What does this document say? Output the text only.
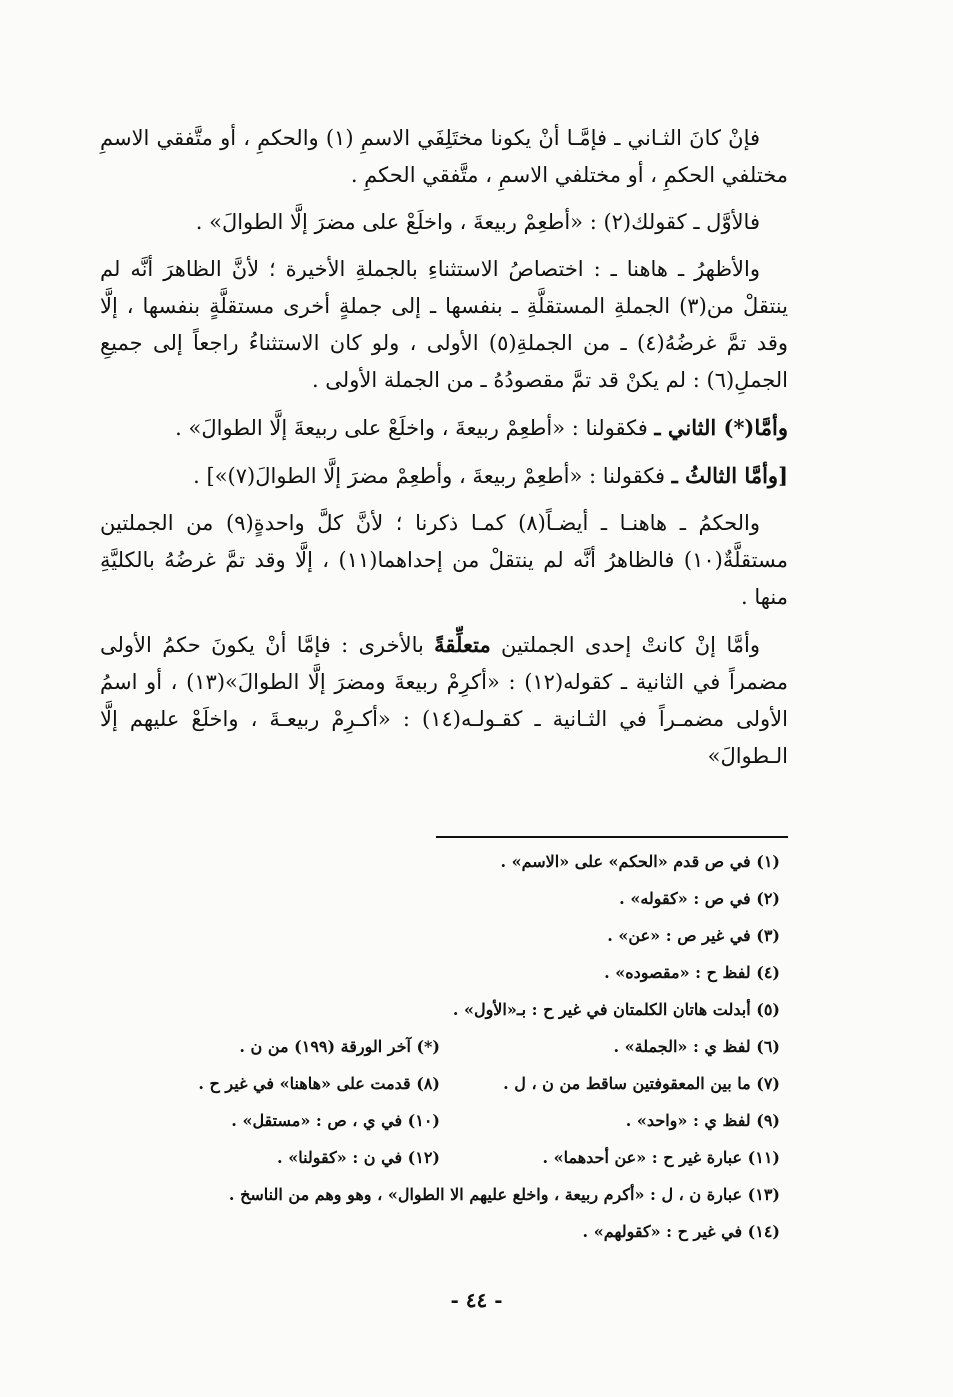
فإنْ كانَ الثـاني ـ فإمَّـا أنْ يكونا مختَلِفَي الاسمِ (١) والحكمِ ، أو متَّفقي الاسمِ مختلفي الحكمِ ، أو مختلفي الاسمِ ، متَّفقي الحكمِ .

فالأوَّل ـ كقولك(٢) : «أطعِمْ ربيعةَ ، واخلَعْ على مضرَ إلَّا الطوالَ» .

والأظهرُ ـ هاهنا ـ : اختصاصُ الاستثناءِ بالجملةِ الأخيرة ؛ لأنَّ الظاهرَ أنَّه لم ينتقلْ من(٣) الجملةِ المستقلَّةِ ـ بنفسها ـ إلى جملةٍ أخرى مستقلَّةٍ بنفسها ، إلَّا وقد تمَّ غرضُهُ(٤) ـ من الجملةِ(٥) الأولى ، ولو كان الاستثناءُ راجعاً إلى جميعِ الجملِ(٦) : لم يكنْ قد تمَّ مقصودُهُ ـ من الجملة الأولى .

وأمَّا(*) الثاني ـ فكقولنا : «أطعِمْ ربيعةَ ، واخلَعْ على ربيعةَ إلَّا الطوالَ» .

[وأمَّا الثالثُ ـ فكقولنا : «أطعِمْ ربيعةَ ، وأطعِمْ مضرَ إلَّا الطوالَ(٧)»] .

والحكمُ ـ هاهنـا ـ أيضـاً(٨) كمـا ذكرنا ؛ لأنَّ كلَّ واحدةٍ(٩) من الجملتين مستقلَّةٌ(١٠) فالظاهرُ أنَّه لم ينتقلْ من إحداهما(١١) ، إلَّا وقد تمَّ غرضُهُ بالكليَّةِ منها .

وأمَّا إنْ كانتْ إحدى الجملتين متعلِّقةً بالأخرى : فإمَّا أنْ يكونَ حكمُ الأولى مضمراً في الثانية ـ كقوله(١٢) : «أكرِمْ ربيعةَ ومضرَ إلَّا الطوالَ»(١٣) ، أو اسمُ الأولى مضمـراً في الثـانية ـ كقـولـه(١٤) : «أكـرِمْ ربيعـةَ ، واخلَعْ عليهم إلَّا الـطوالَ»

(١) في ص قدم «الحكم» على «الاسم» .
(٢) في ص : «كقوله» .
(٣) في غير ص : «عن» .
(٤) لفظ ح : «مقصوده» .
(٥) أبدلت هاتان الكلمتان في غير ح : بـ«الأول» .
(٦) لفظ ي : «الجملة» .
(*) آخر الورقة (١٩٩) من ن .
(٧) ما بين المعقوفتين ساقط من ن ، ل .
(٨) قدمت على «هاهنا» في غير ح .
(٩) لفظ ي : «واحد» .
(١٠) في ي ، ص : «مستقل» .
(١١) عبارة غير ح : «عن أحدهما» .
(١٢) في ن : «كقولنا» .
(١٣) عبارة ن ، ل : «أكرم ربيعة ، واخلع عليهم الا الطوال» ، وهو وهم من الناسخ .
(١٤) في غير ح : «كقولهم» .
- ٤٤ -
